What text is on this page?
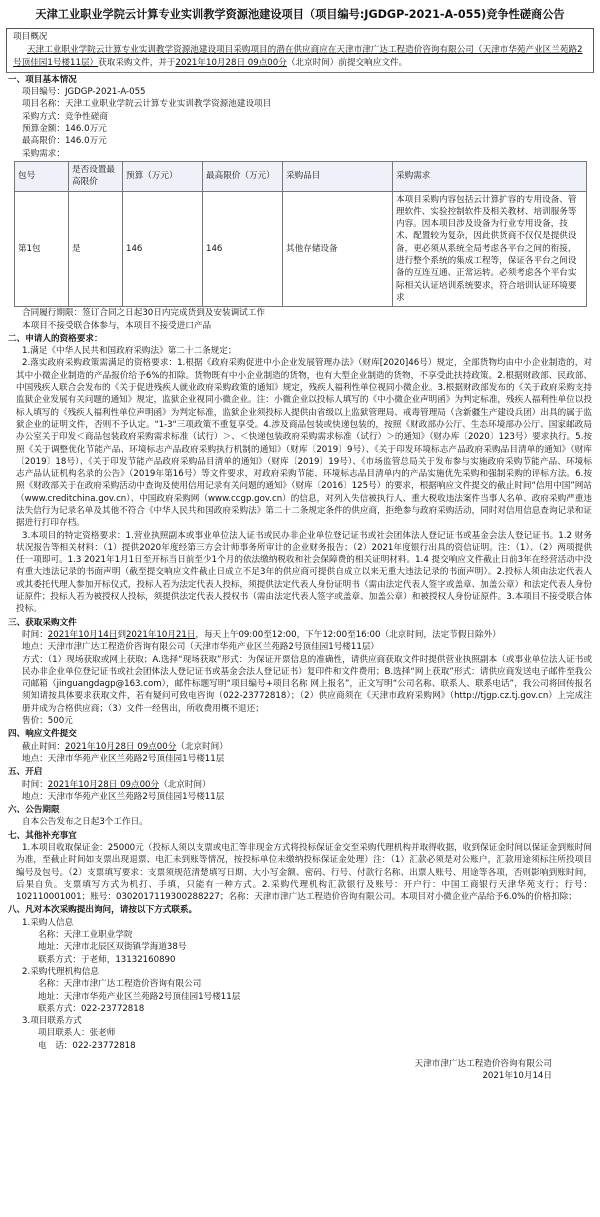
天津工业职业学院云计算专业实训教学资源池建设项目（项目编号:JGDGP-2021-A-055)竞争性磋商公告
项目概况
天津工业职业学院云计算专业实训教学资源池建设项目采购项目的潜在供应商应在天津市津广达工程造价咨询有限公司（天津市华苑产业区兰苑路2号顶佳园1号楼11层）获取采购文件，并于2021年10月28日 09点00分（北京时间）前提交响应文件。
一、项目基本情况
项目编号：JGDGP-2021-A-055
项目名称：天津工业职业学院云计算专业实训教学资源池建设项目
采购方式：竞争性磋商
预算金额：146.0万元
最高限价：146.0万元
采购需求：
包号	是否设置最高限价	预算（万元）	最高限价（万元）	采购品目	采购需求
第1包	是	146	146	其他存储设备	本项目采购内容包括云计算扩容的专用设备、管理软件、实验控制软件及相关教材、培训服务等内容。因本项目涉及设备为行业专用设备，技术、配置较为复杂，因此供货商不仅仅是提供设备，更必须从系统全局考虑各平台之间的衔接，进行整个系统的集成工程等，保证各平台之间设备的互连互通、正常运转。必须考虑各个平台实际相关认证培训系统要求，符合培训认证环境要求
合同履行期限：签订合同之日起30日内完成货到及安装调试工作
本项目不接受联合体参与，本项目不接受进口产品
二、申请人的资格要求：
1.满足《中华人民共和国政府采购法》第二十二条规定；
2.落实政府采购政策需满足的资格要求：1.根据《政府采购促进中小企业发展管理办法》（财库[2020]46号）规定，全部货物均由中小企业制造的，对其中小微企业制造的产品报价给予6%的扣除。货物既有中小企业制造的货物，也有大型企业制造的货物，不享受此扶持政策。2.根据财政部、民政部、中国残疾人联合会发布的《关于促进残疾人就业政府采购政策的通知》规定，残疾人福利性单位视同小微企业。3.根据财政部发布的《关于政府采购支持监狱企业发展有关问题的通知》规定，监狱企业视同小微企业。注：小微企业以投标人填写的《中小微企业声明函》为判定标准，残疾人福利性单位以投标人填写的《残疾人福利性单位声明函》为判定标准，监狱企业须投标人提供由省级以上监狱管理局、戒毒管理局（含新疆生产建设兵团）出具的属于监狱企业的证明文件，否则不予认定。"1-3"三项政策不重复享受。4.涉及商品包装或快递包装的，按照《财政部办公厅、生态环境部办公厅、国家邮政局办公室关于印发＜商品包装政府采购需求标准（试行）＞、＜快递包装政府采购需求标准（试行）＞的通知》（财办库〔2020〕123号）要求执行。5.按照《关于调整优化节能产品、环境标志产品政府采购执行机制的通知》（财库〔2019〕9号）、《关于印发环境标志产品政府采购品目清单的通知》（财库〔2019〕18号）、《关于印发节能产品政府采购品目清单的通知》（财库〔2019〕19号）、《市场监管总局关于发布参与实施政府采购节能产品、环境标志产品认证机构名录的公告》（2019年第16号）等文件要求，对政府采购节能、环境标志品目清单内的产品实施优先采购和强制采购的评标方法。6.按照《财政部关于在政府采购活动中查询及使用信用记录有关问题的通知》（财库〔2016〕125号）的要求，根据响应文件提交的截止时间“信用中国”网站（www.creditchina.gov.cn）、中国政府采购网（www.ccgp.gov.cn）的信息，对列入失信被执行人、重大税收违法案件当事人名单、政府采购严重违法失信行为记录名单及其他不符合《中华人民共和国政府采购法》第二十二条规定条件的供应商，拒绝参与政府采购活动，同时对信用信息查询记录和证据进行打印存档。
3.本项目的特定资格要求：1.营业执照副本或事业单位法人证书或民办非企业单位登记证书或社会团体法人登记证书或基金会法人登记证书。1.2 财务状况报告等相关材料：（1）提供2020年度经第三方会计师事务所审计的企业财务报告；（2）2021年度银行出具的资信证明。注：（1）、（2）两项提供任一项即可。1.3 2021年1月1日至开标当日前至少1个月的依法缴纳税收和社会保障费的相关证明材料。1.4 提交响应文件截止日前3年在经营活动中没有重大违法记录的书面声明（截至提交响应文件截止日成立不足3年的供应商可提供自成立以来无重大违法记录的书面声明）。2.投标人须由法定代表人或其委托代理人参加开标仪式，投标人若为法定代表人投标，须提供法定代表人身份证明书（需由法定代表人签字或盖章、加盖公章）和法定代表人身份证原件；投标人若为被授权人投标，须提供法定代表人授权书（需由法定代表人签字或盖章、加盖公章）和被授权人身份证原件。3.本项目不接受联合体投标。
三、获取采购文件
时间：2021年10月14日到2021年10月21日，每天上午09:00至12:00，下午12:00至16:00（北京时间，法定节假日除外）
地点：天津市津广达工程造价咨询有限公司（天津市华苑产业区兰苑路2号顶佳园1号楼11层）
方式：（1）现场获取或网上获取；A.选择“现场获取”形式：为保证开票信息的准确性，请供应商获取文件时提供营业执照副本（或事业单位法人证书或民办非企业单位登记证书或社会团体法人登记证书或基金会法人登记证书）复印件和文件费用；B.选择“网上获取”形式：请供应商发送电子邮件至我公司邮箱（jinguangdagp@163.com），邮件标题写明“项目编号+项目名称 网上报名”，正文写明“公司名称、联系人、联系电话”，我公司将回传报名须知请按具体要求获取文件，若有疑问可致电咨询（022-23772818）；（2）供应商须在《天津市政府采购网》（http://tjgp.cz.tj.gov.cn）上完成注册并成为合格供应商；（3）文件一经售出，所收费用概不退还；
售价：500元
四、响应文件提交
截止时间：2021年10月28日 09点00分（北京时间）
地点：天津市华苑产业区兰苑路2号顶佳园1号楼11层
五、开启
时间：2021年10月28日 09点00分（北京时间）
地点：天津市华苑产业区兰苑路2号顶佳园1号楼11层
六、公告期限
自本公告发布之日起3个工作日。
七、其他补充事宜
1.本项目收取保证金：25000元（投标人须以支票或电汇等非现金方式将投标保证金交至采购代理机构并取得收据，收到保证金时间以保证金到账时间为准，至截止时间如支票出现退票、电汇未到账等情况，按投标单位未缴纳投标保证金处理）注：（1）汇款必须是对公账户，汇款用途须标注所投项目编号及包号。（2）支票填写要求：支票须规范清楚填写日期、大小写金额、密码、行号、付款行名称、出票人账号、用途等各项，否则影响到账时间，后果自负。支票填写方式为机打、手填，只能有一种方式。2.采购代理机构汇款银行及账号：开户行：中国工商银行天津华苑支行；行号：102110001001；账号：0302017119300288227；名称：天津市津广达工程造价咨询有限公司。本项目对小微企业产品给予6.0%的价格扣除；
八、凡对本次采购提出询问，请按以下方式联系。
1.采购人信息
名称：天津工业职业学院
地址：天津市北辰区双街镇学海道38号
联系方式：于老师，13132160890
2.采购代理机构信息
名称：天津市津广达工程造价咨询有限公司
地址：天津市华苑产业区兰苑路2号顶佳园1号楼11层
联系方式：022-23772818
3.项目联系方式
项目联系人：张老师
电　话：022-23772818
天津市津广达工程造价咨询有限公司
2021年10月14日
